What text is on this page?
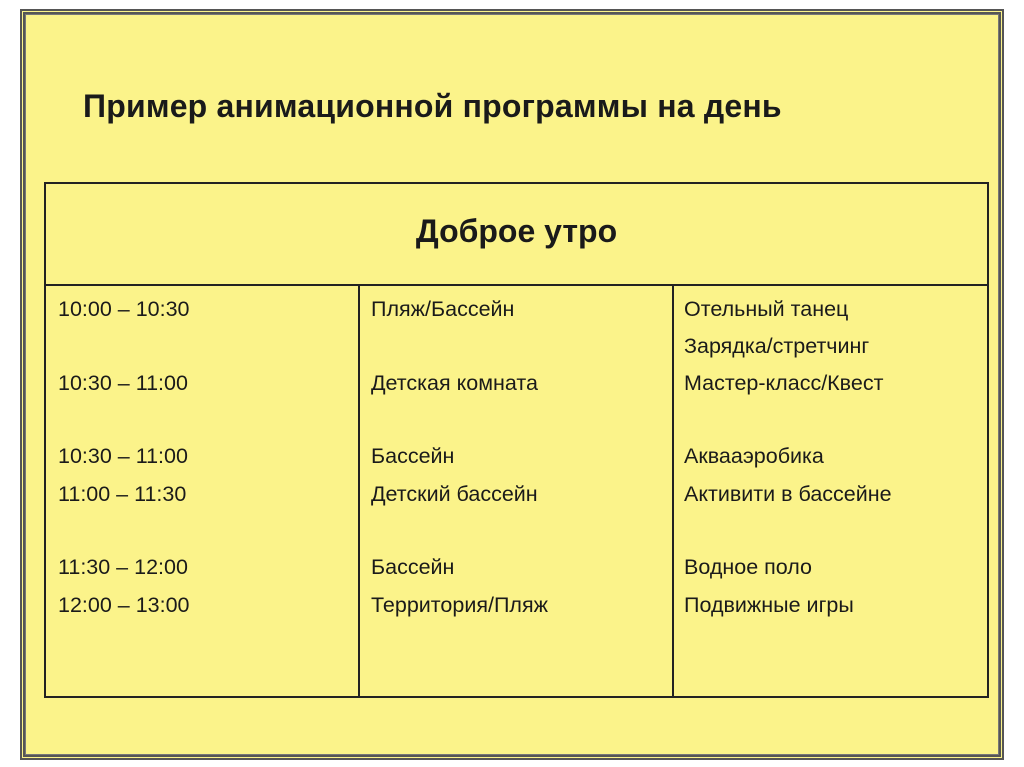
Пример анимационной программы на день
Доброе утро
10:00 – 10:30
10:30 – 11:00
10:30 – 11:00
11:00 – 11:30
11:30 – 12:00
12:00 – 13:00
Пляж/Бассейн
Детская комната
Бассейн
Детский бассейн
Бассейн
Территория/Пляж
Отельный танец
Зарядка/стретчинг
Мастер-класс/Квест
Аквааэробика
Активити в бассейне
Водное поло
Подвижные игры
